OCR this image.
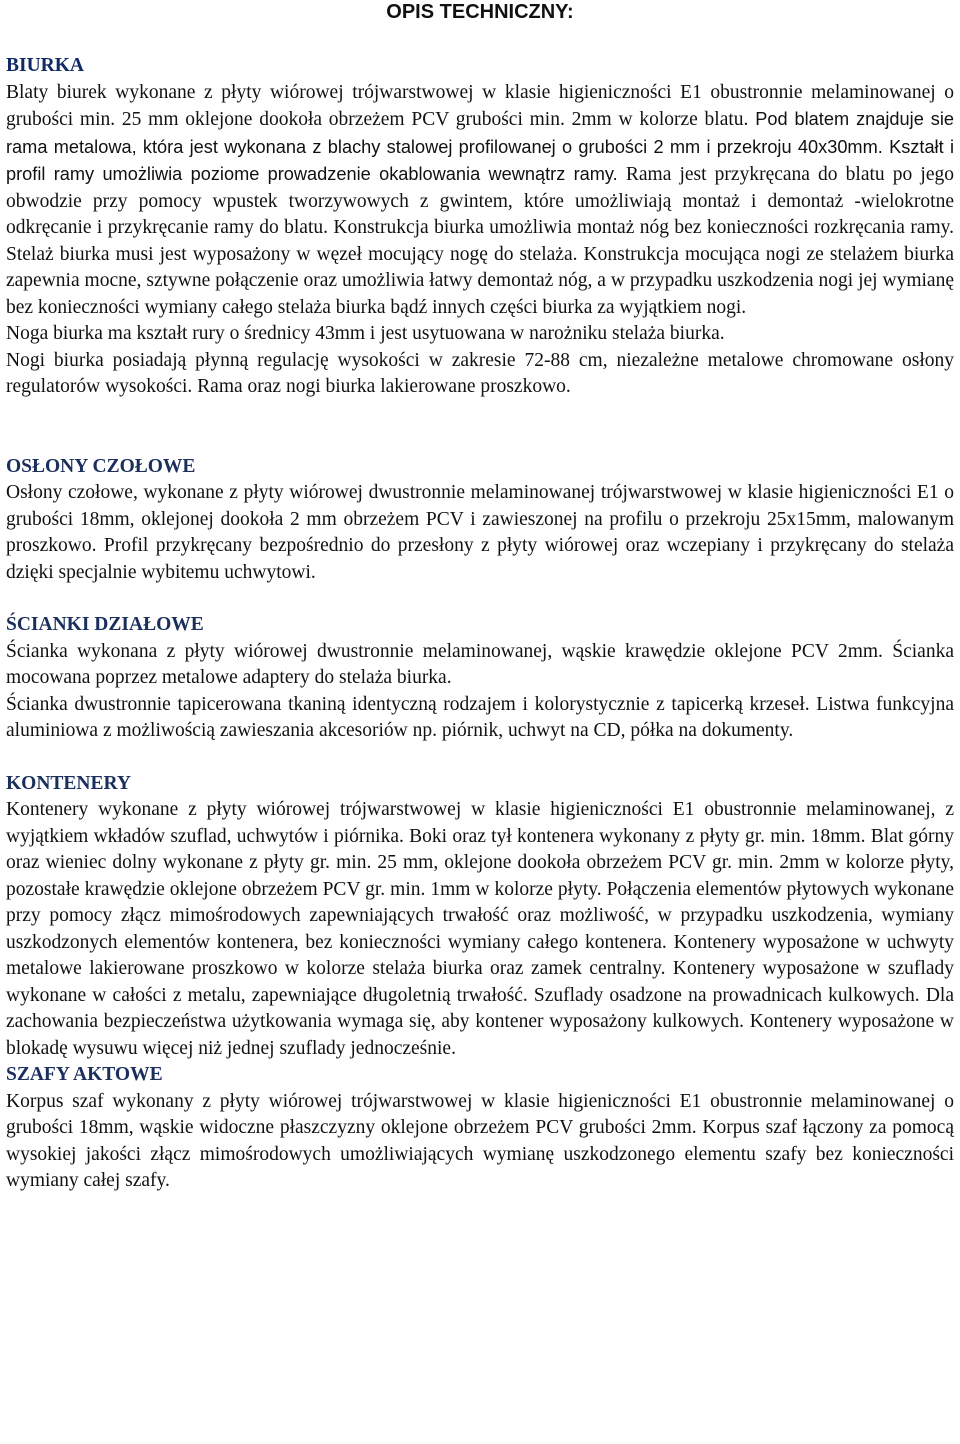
OPIS TECHNICZNY:
BIURKA

Blaty biurek wykonane z płyty wiórowej trójwarstwowej w klasie higieniczności E1 obustronnie melaminowanej o grubości min. 25 mm oklejone dookoła obrzeżem PCV grubości min. 2mm w kolorze blatu. Pod blatem znajduje sie rama metalowa, która jest wykonana z blachy stalowej profilowanej o grubości 2 mm i przekroju 40x30mm. Kształt i profil ramy umożliwia poziome prowadzenie okablowania wewnątrz ramy. Rama jest przykręcana do blatu po jego obwodzie przy pomocy wpustek tworzywowych z gwintem, które umożliwiają montaż i demontaż -wielokrotne odkręcanie i przykręcanie ramy do blatu. Konstrukcja biurka umożliwia montaż nóg bez konieczności rozkręcania ramy. Stelaż biurka musi jest wyposażony w węzeł mocujący nogę do stelaża. Konstrukcja mocująca nogi ze stelażem biurka zapewnia mocne, sztywne połączenie oraz umożliwia łatwy demontaż nóg, a w przypadku uszkodzenia nogi jej wymianę bez konieczności wymiany całego stelaża biurka bądź innych części biurka za wyjątkiem nogi.

Noga biurka ma kształt rury o średnicy 43mm i jest usytuowana w narożniku stelaża biurka.

Nogi biurka posiadają płynną regulację wysokości w zakresie 72-88 cm, niezależne metalowe chromowane osłony regulatorów wysokości. Rama oraz nogi biurka lakierowane proszkowo.

OSŁONY CZOŁOWE

Osłony czołowe, wykonane z płyty wiórowej dwustronnie melaminowanej trójwarstwowej w klasie higieniczności E1 o grubości 18mm, oklejonej dookoła 2 mm obrzeżem PCV i zawieszonej na profilu o przekroju 25x15mm, malowanym proszkowo. Profil przykręcany bezpośrednio do przesłony z płyty wiórowej oraz wczepiany i przykręcany do stelaża dzięki specjalnie wybitemu uchwytowi.

ŚCIANKI DZIAŁOWE

Ścianka wykonana z płyty wiórowej dwustronnie melaminowanej, wąskie krawędzie oklejone PCV 2mm. Ścianka mocowana poprzez metalowe adaptery do stelaża biurka.

Ścianka dwustronnie tapicerowana tkaniną identyczną rodzajem i kolorystycznie z tapicerką krzeseł. Listwa funkcyjna aluminiowa z możliwością zawieszania akcesoriów np. piórnik, uchwyt na CD, półka na dokumenty.

KONTENERY

Kontenery wykonane z płyty wiórowej trójwarstwowej w klasie higieniczności E1 obustronnie melaminowanej, z wyjątkiem wkładów szuflad, uchwytów i piórnika. Boki oraz tył kontenera wykonany z płyty gr. min. 18mm. Blat górny oraz wieniec dolny wykonane z płyty gr. min. 25 mm, oklejone dookoła obrzeżem PCV gr. min. 2mm w kolorze płyty, pozostałe krawędzie oklejone obrzeżem PCV gr. min. 1mm w kolorze płyty. Połączenia elementów płytowych wykonane przy pomocy złącz mimośrodowych zapewniających trwałość oraz możliwość, w przypadku uszkodzenia, wymiany uszkodzonych elementów kontenera, bez konieczności wymiany całego kontenera. Kontenery wyposażone w uchwyty metalowe lakierowane proszkowo w kolorze stelaża biurka oraz zamek centralny. Kontenery wyposażone w szuflady wykonane w całości z metalu, zapewniające długoletnią trwałość. Szuflady osadzone na prowadnicach kulkowych. Dla zachowania bezpieczeństwa użytkowania wymaga się, aby kontener wyposażony kulkowych. Kontenery wyposażone w blokadę wysuwu więcej niż jednej szuflady jednocześnie.

SZAFY AKTOWE

Korpus szaf wykonany z płyty wiórowej trójwarstwowej w klasie higieniczności E1 obustronnie melaminowanej o grubości 18mm, wąskie widoczne płaszczyzny oklejone obrzeżem PCV grubości 2mm. Korpus szaf łączony za pomocą wysokiej jakości złącz mimośrodowych umożliwiających wymianę uszkodzonego elementu szafy bez konieczności wymiany całej szafy.
